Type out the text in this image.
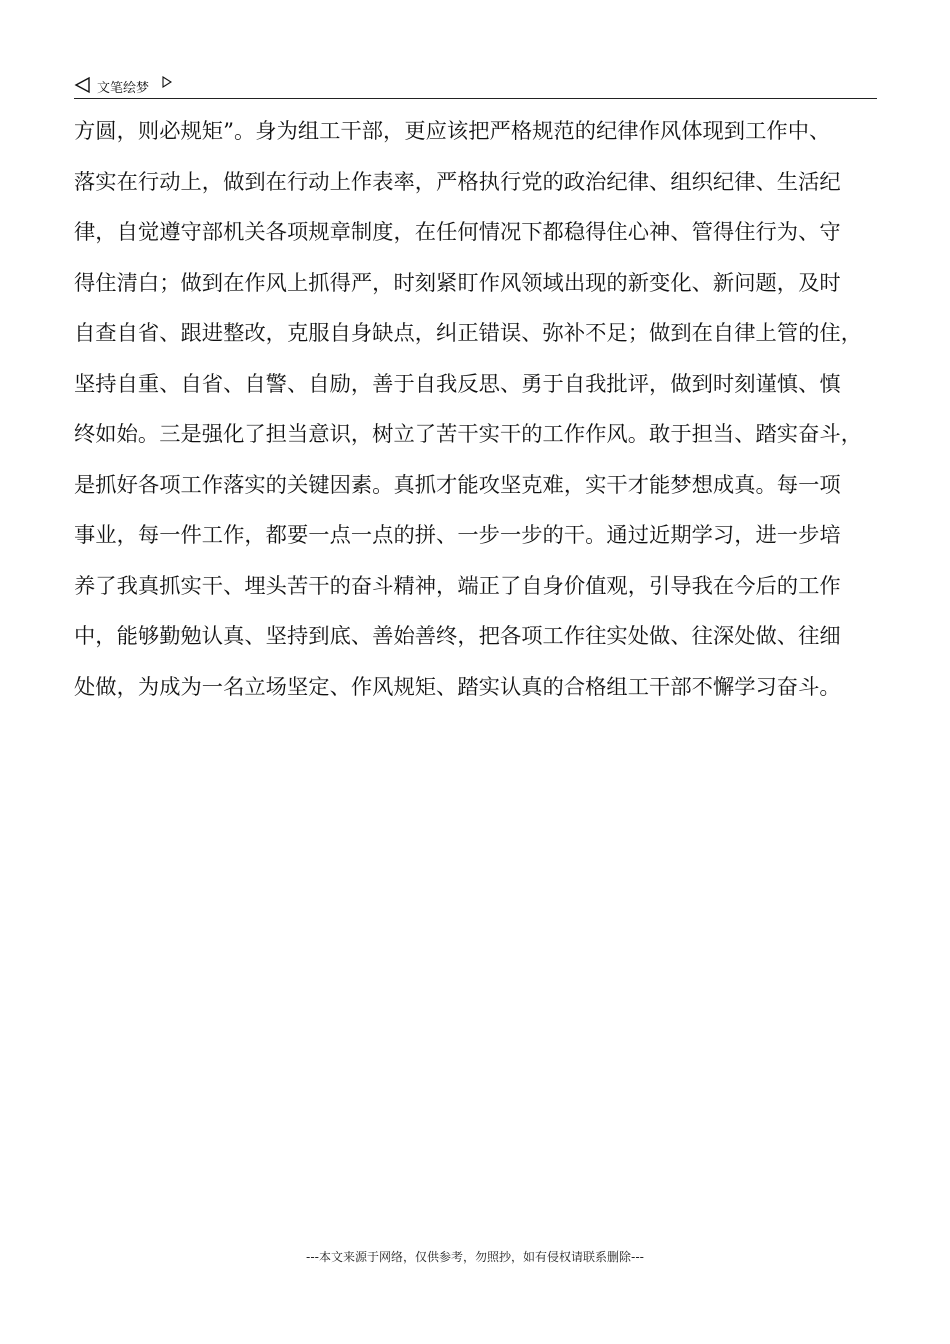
文笔绘梦
方圆，则必规矩”。身为组工干部，更应该把严格规范的纪律作风体现到工作中、
落实在行动上，做到在行动上作表率，严格执行党的政治纪律、组织纪律、生活纪
律，自觉遵守部机关各项规章制度，在任何情况下都稳得住心神、管得住行为、守
得住清白；做到在作风上抓得严，时刻紧盯作风领域出现的新变化、新问题，及时
自查自省、跟进整改，克服自身缺点，纠正错误、弥补不足；做到在自律上管的住，
坚持自重、自省、自警、自励，善于自我反思、勇于自我批评，做到时刻谨慎、慎
终如始。三是强化了担当意识，树立了苦干实干的工作作风。敢于担当、踏实奋斗，
是抓好各项工作落实的关键因素。真抓才能攻坚克难，实干才能梦想成真。每一项
事业，每一件工作，都要一点一点的拼、一步一步的干。通过近期学习，进一步培
养了我真抓实干、埋头苦干的奋斗精神，端正了自身价值观，引导我在今后的工作
中，能够勤勉认真、坚持到底、善始善终，把各项工作往实处做、往深处做、往细
处做，为成为一名立场坚定、作风规矩、踏实认真的合格组工干部不懈学习奋斗。
---本文来源于网络，仅供参考，勿照抄，如有侵权请联系删除---
